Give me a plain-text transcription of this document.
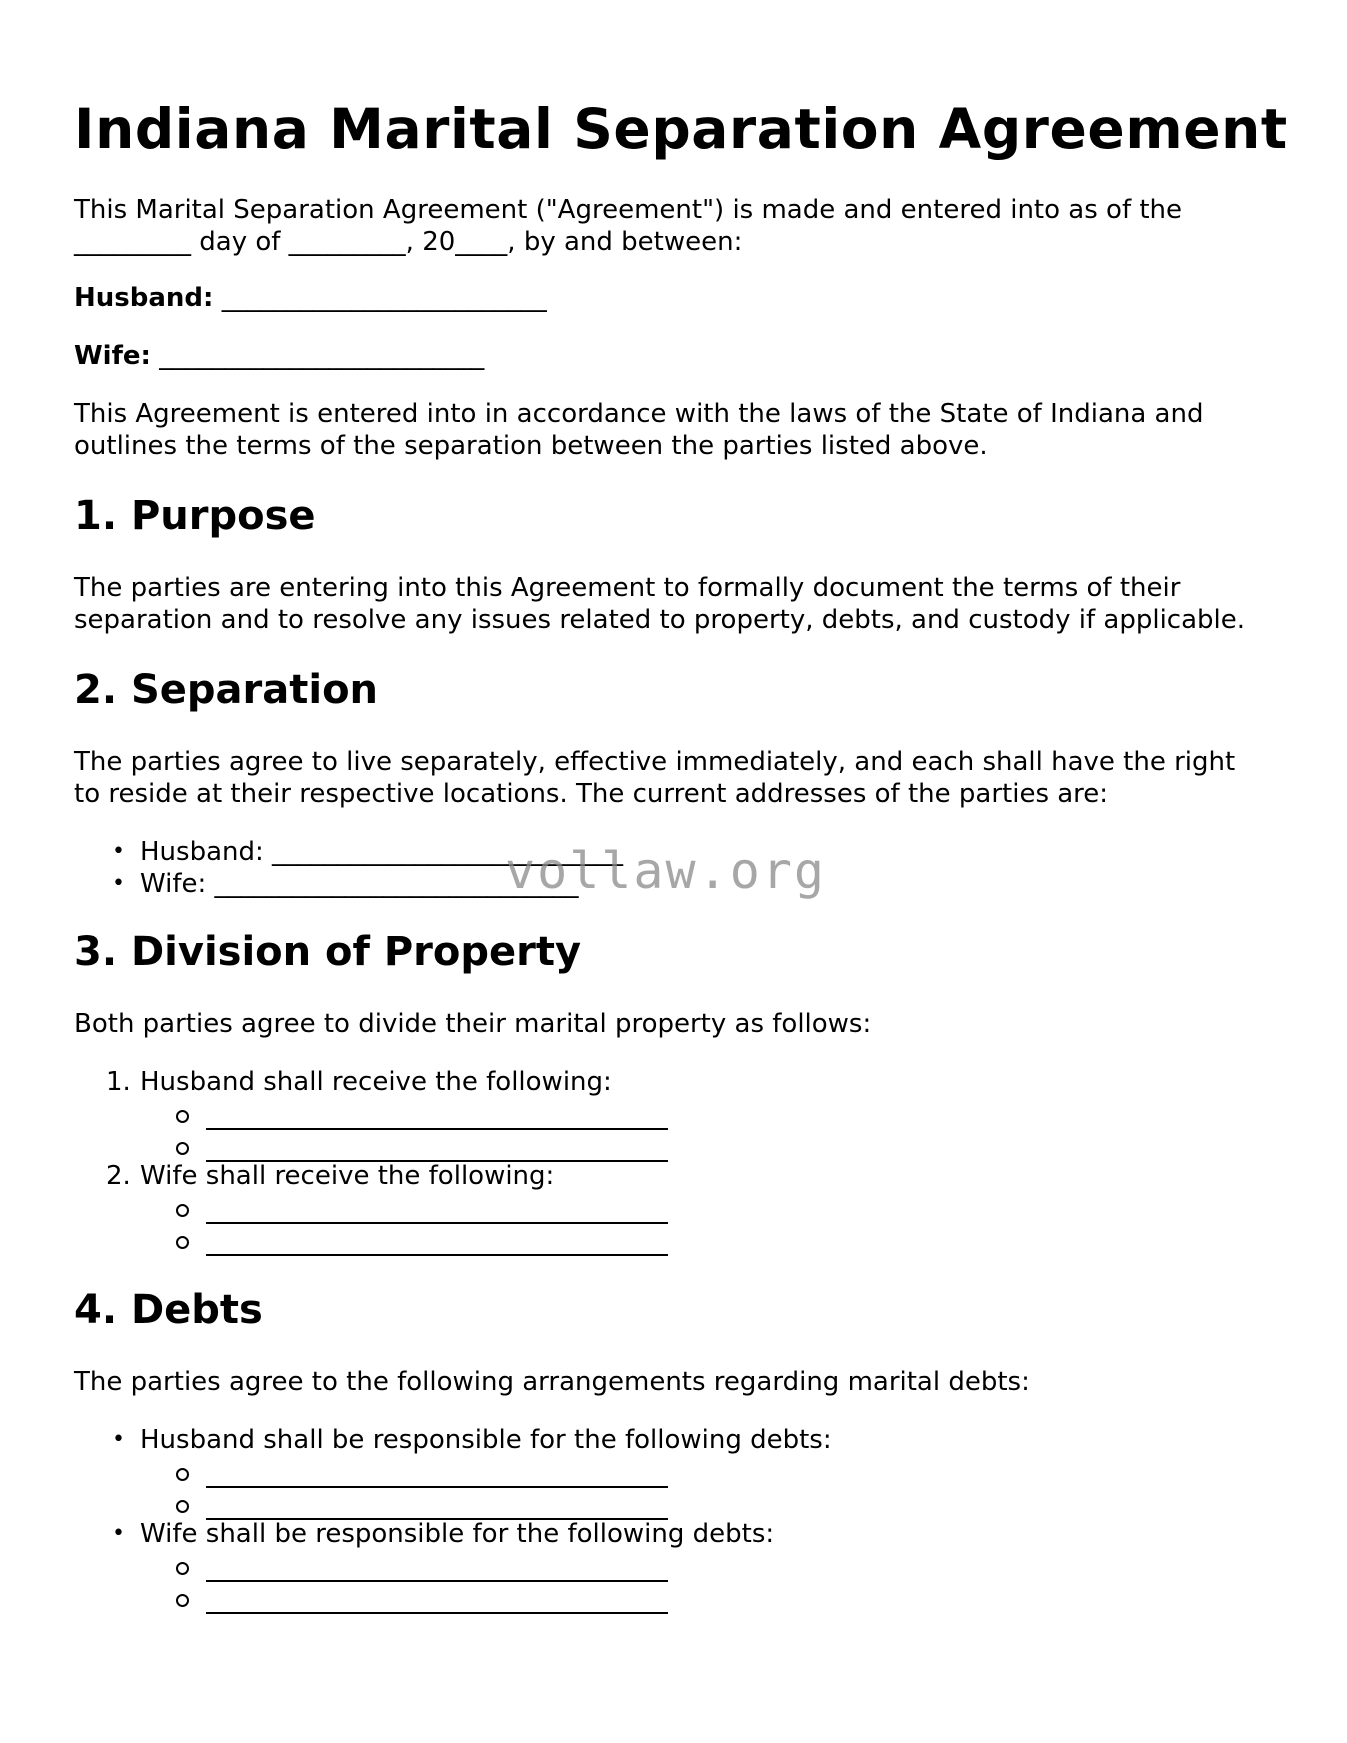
Indiana Marital Separation Agreement
This Marital Separation Agreement ("Agreement") is made and entered into as of the
_________ day of _________, 20____, by and between:
Husband: _________________________
Wife: _________________________
This Agreement is entered into in accordance with the laws of the State of Indiana and
outlines the terms of the separation between the parties listed above.
1. Purpose
The parties are entering into this Agreement to formally document the terms of their
separation and to resolve any issues related to property, debts, and custody if applicable.
2. Separation
The parties agree to live separately, effective immediately, and each shall have the right
to reside at their respective locations. The current addresses of the parties are:
• Husband: ___________________________
• Wife: ____________________________
3. Division of Property
Both parties agree to divide their marital property as follows:
1. Husband shall receive the following:
2. Wife shall receive the following:
4. Debts
The parties agree to the following arrangements regarding marital debts:
• Husband shall be responsible for the following debts:
• Wife shall be responsible for the following debts:
vollaw.org
